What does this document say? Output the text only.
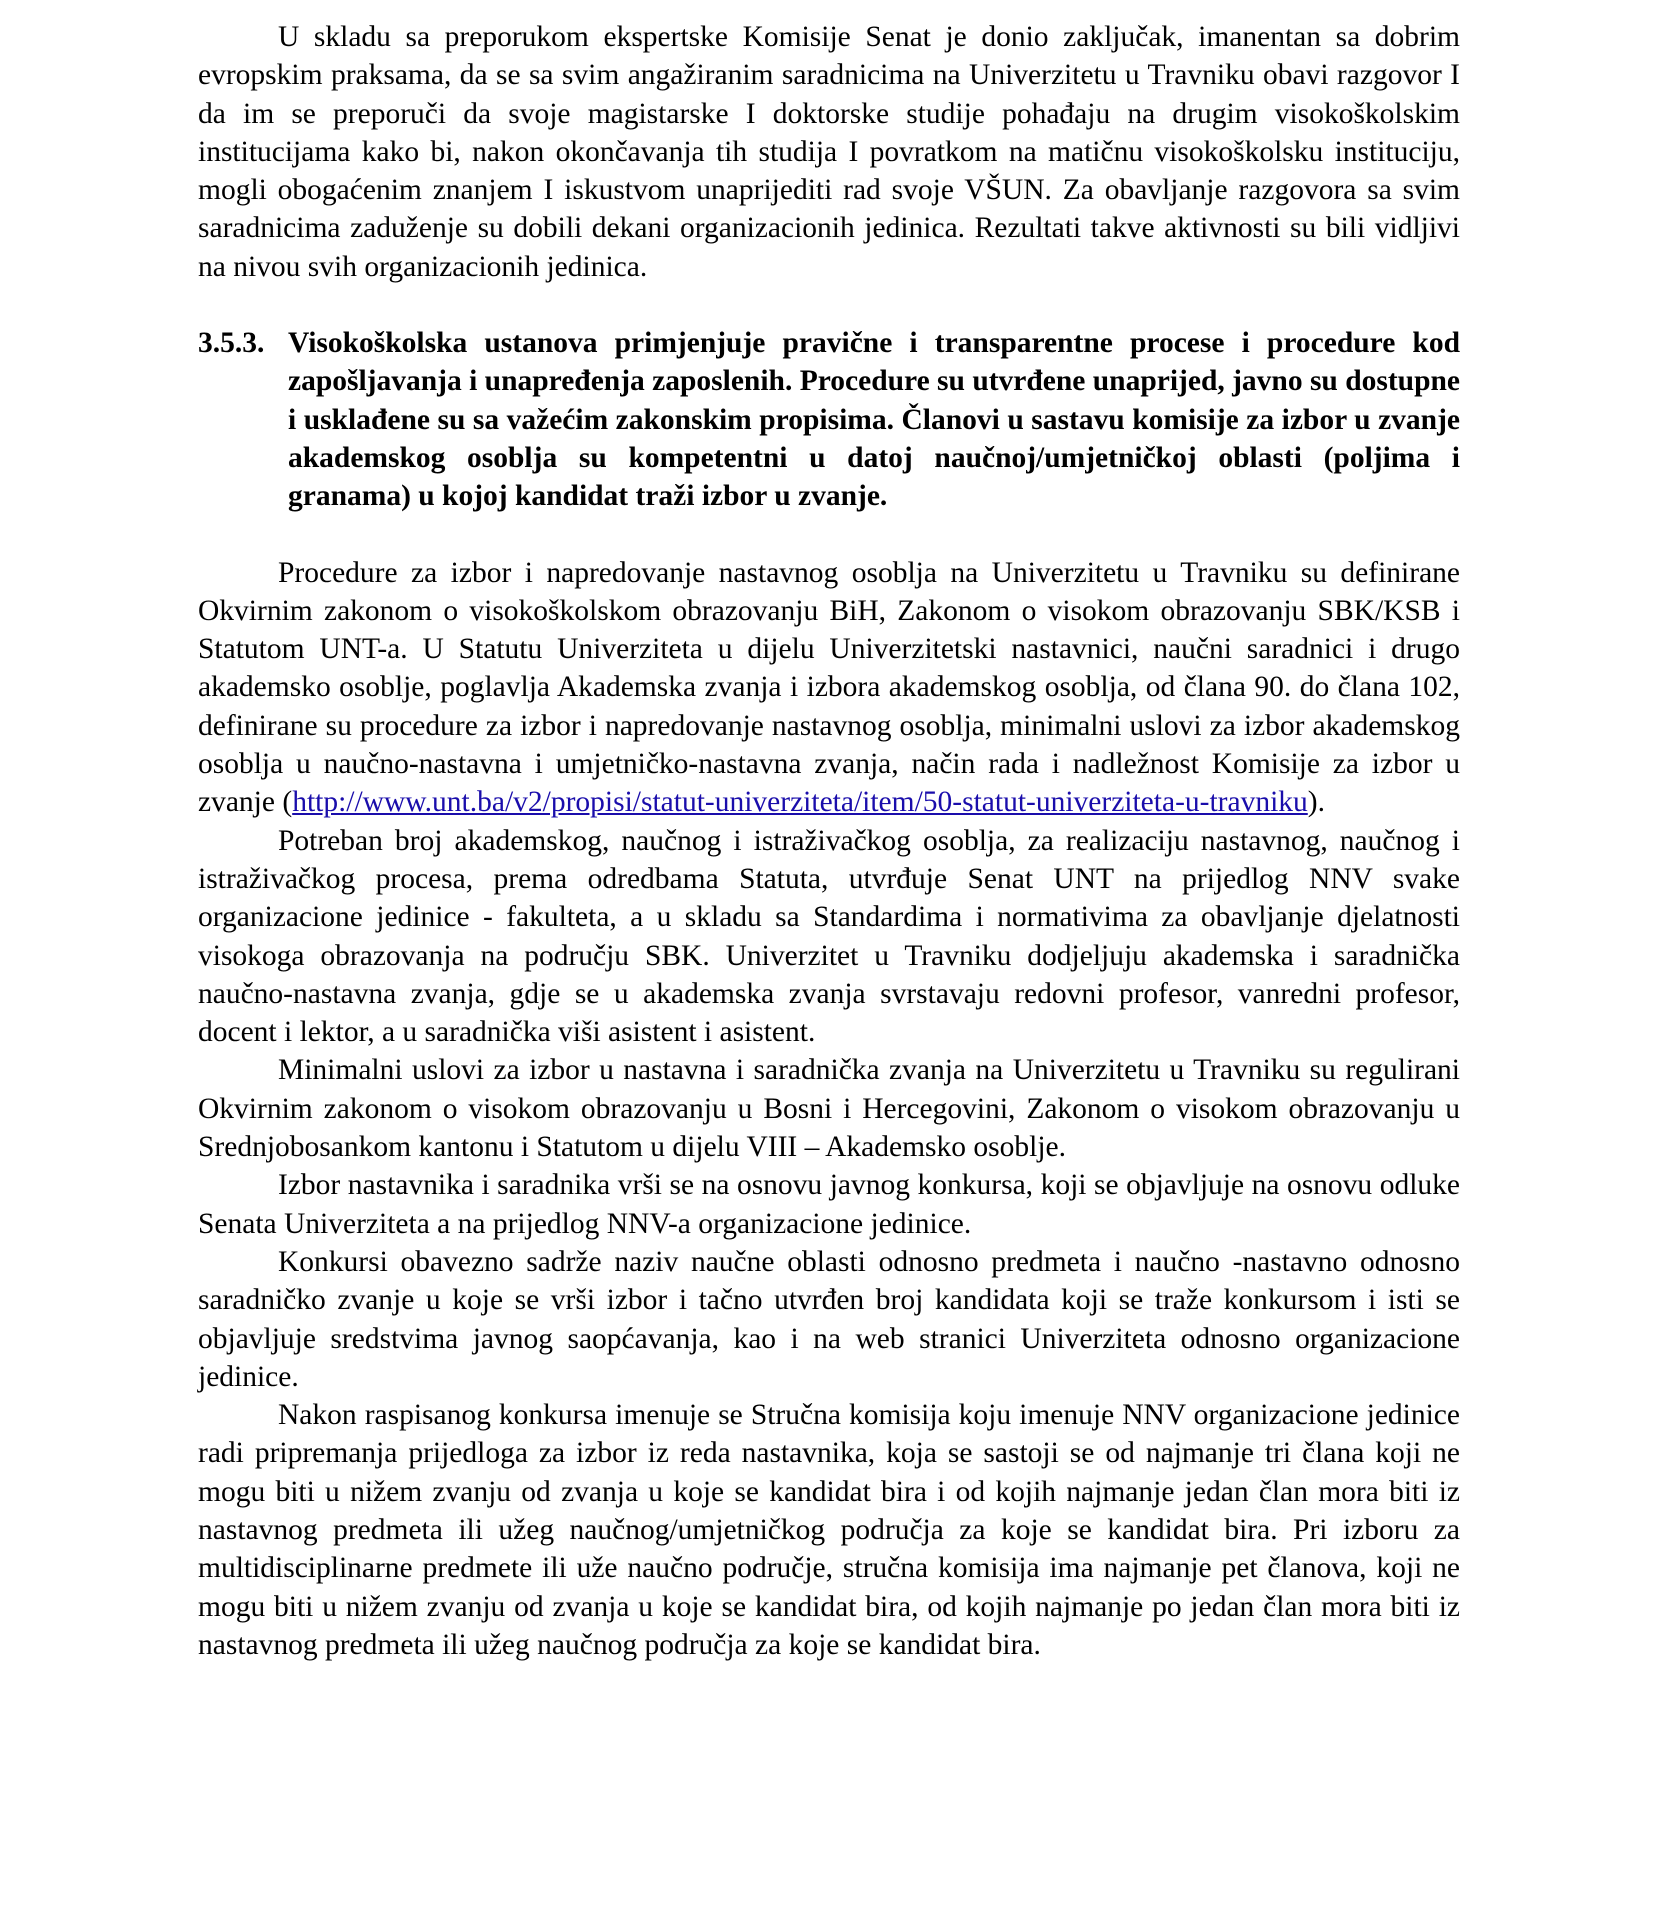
U skladu sa preporukom ekspertske Komisije Senat je donio zaključak, imanentan sa dobrim evropskim praksama, da se sa svim angažiranim saradnicima na Univerzitetu u Travniku obavi razgovor I da im se preporuči da svoje magistarske I doktorske studije pohađaju na drugim visokoškolskim institucijama kako bi, nakon okončavanja tih studija I povratkom na matičnu visokoškolsku instituciju, mogli obogaćenim znanjem I iskustvom unaprijediti rad svoje VŠUN. Za obavljanje razgovora sa svim saradnicima zaduženje su dobili dekani organizacionih jedinica. Rezultati takve aktivnosti su bili vidljivi na nivou svih organizacionih jedinica.

3.5.3. Visokoškolska ustanova primjenjuje pravične i transparentne procese i procedure kod zapošljavanja i unapređenja zaposlenih. Procedure su utvrđene unaprijed, javno su dostupne i usklađene su sa važećim zakonskim propisima. Članovi u sastavu komisije za izbor u zvanje akademskog osoblja su kompetentni u datoj naučnoj/umjetničkoj oblasti (poljima i granama) u kojoj kandidat traži izbor u zvanje.

Procedure za izbor i napredovanje nastavnog osoblja na Univerzitetu u Travniku su definirane Okvirnim zakonom o visokoškolskom obrazovanju BiH, Zakonom o visokom obrazovanju SBK/KSB i Statutom UNT-a. U Statutu Univerziteta u dijelu Univerzitetski nastavnici, naučni saradnici i drugo akademsko osoblje, poglavlja Akademska zvanja i izbora akademskog osoblja, od člana 90. do člana 102, definirane su procedure za izbor i napredovanje nastavnog osoblja, minimalni uslovi za izbor akademskog osoblja u naučno-nastavna i umjetničko-nastavna zvanja, način rada i nadležnost Komisije za izbor u zvanje (http://www.unt.ba/v2/propisi/statut-univerziteta/item/50-statut-univerziteta-u-travniku).

Potreban broj akademskog, naučnog i istraživačkog osoblja, za realizaciju nastavnog, naučnog i istraživačkog procesa, prema odredbama Statuta, utvrđuje Senat UNT na prijedlog NNV svake organizacione jedinice - fakulteta, a u skladu sa Standardima i normativima za obavljanje djelatnosti visokoga obrazovanja na području SBK. Univerzitet u Travniku dodjeljuju akademska i saradnička naučno-nastavna zvanja, gdje se u akademska zvanja svrstavaju redovni profesor, vanredni profesor, docent i lektor, a u saradnička viši asistent i asistent.

Minimalni uslovi za izbor u nastavna i saradnička zvanja na Univerzitetu u Travniku su regulirani Okvirnim zakonom o visokom obrazovanju u Bosni i Hercegovini, Zakonom o visokom obrazovanju u Srednjobosankom kantonu i Statutom u dijelu VIII – Akademsko osoblje.

Izbor nastavnika i saradnika vrši se na osnovu javnog konkursa, koji se objavljuje na osnovu odluke Senata Univerziteta a na prijedlog NNV-a organizacione jedinice.

Konkursi obavezno sadrže naziv naučne oblasti odnosno predmeta i naučno -nastavno odnosno saradničko zvanje u koje se vrši izbor i tačno utvrđen broj kandidata koji se traže konkursom i isti se objavljuje sredstvima javnog saopćavanja, kao i na web stranici Univerziteta odnosno organizacione jedinice.

Nakon raspisanog konkursa imenuje se Stručna komisija koju imenuje NNV organizacione jedinice radi pripremanja prijedloga za izbor iz reda nastavnika, koja se sastoji se od najmanje tri člana koji ne mogu biti u nižem zvanju od zvanja u koje se kandidat bira i od kojih najmanje jedan član mora biti iz nastavnog predmeta ili užeg naučnog/umjetničkog područja za koje se kandidat bira. Pri izboru za multidisciplinarne predmete ili uže naučno područje, stručna komisija ima najmanje pet članova, koji ne mogu biti u nižem zvanju od zvanja u koje se kandidat bira, od kojih najmanje po jedan član mora biti iz nastavnog predmeta ili užeg naučnog područja za koje se kandidat bira.
